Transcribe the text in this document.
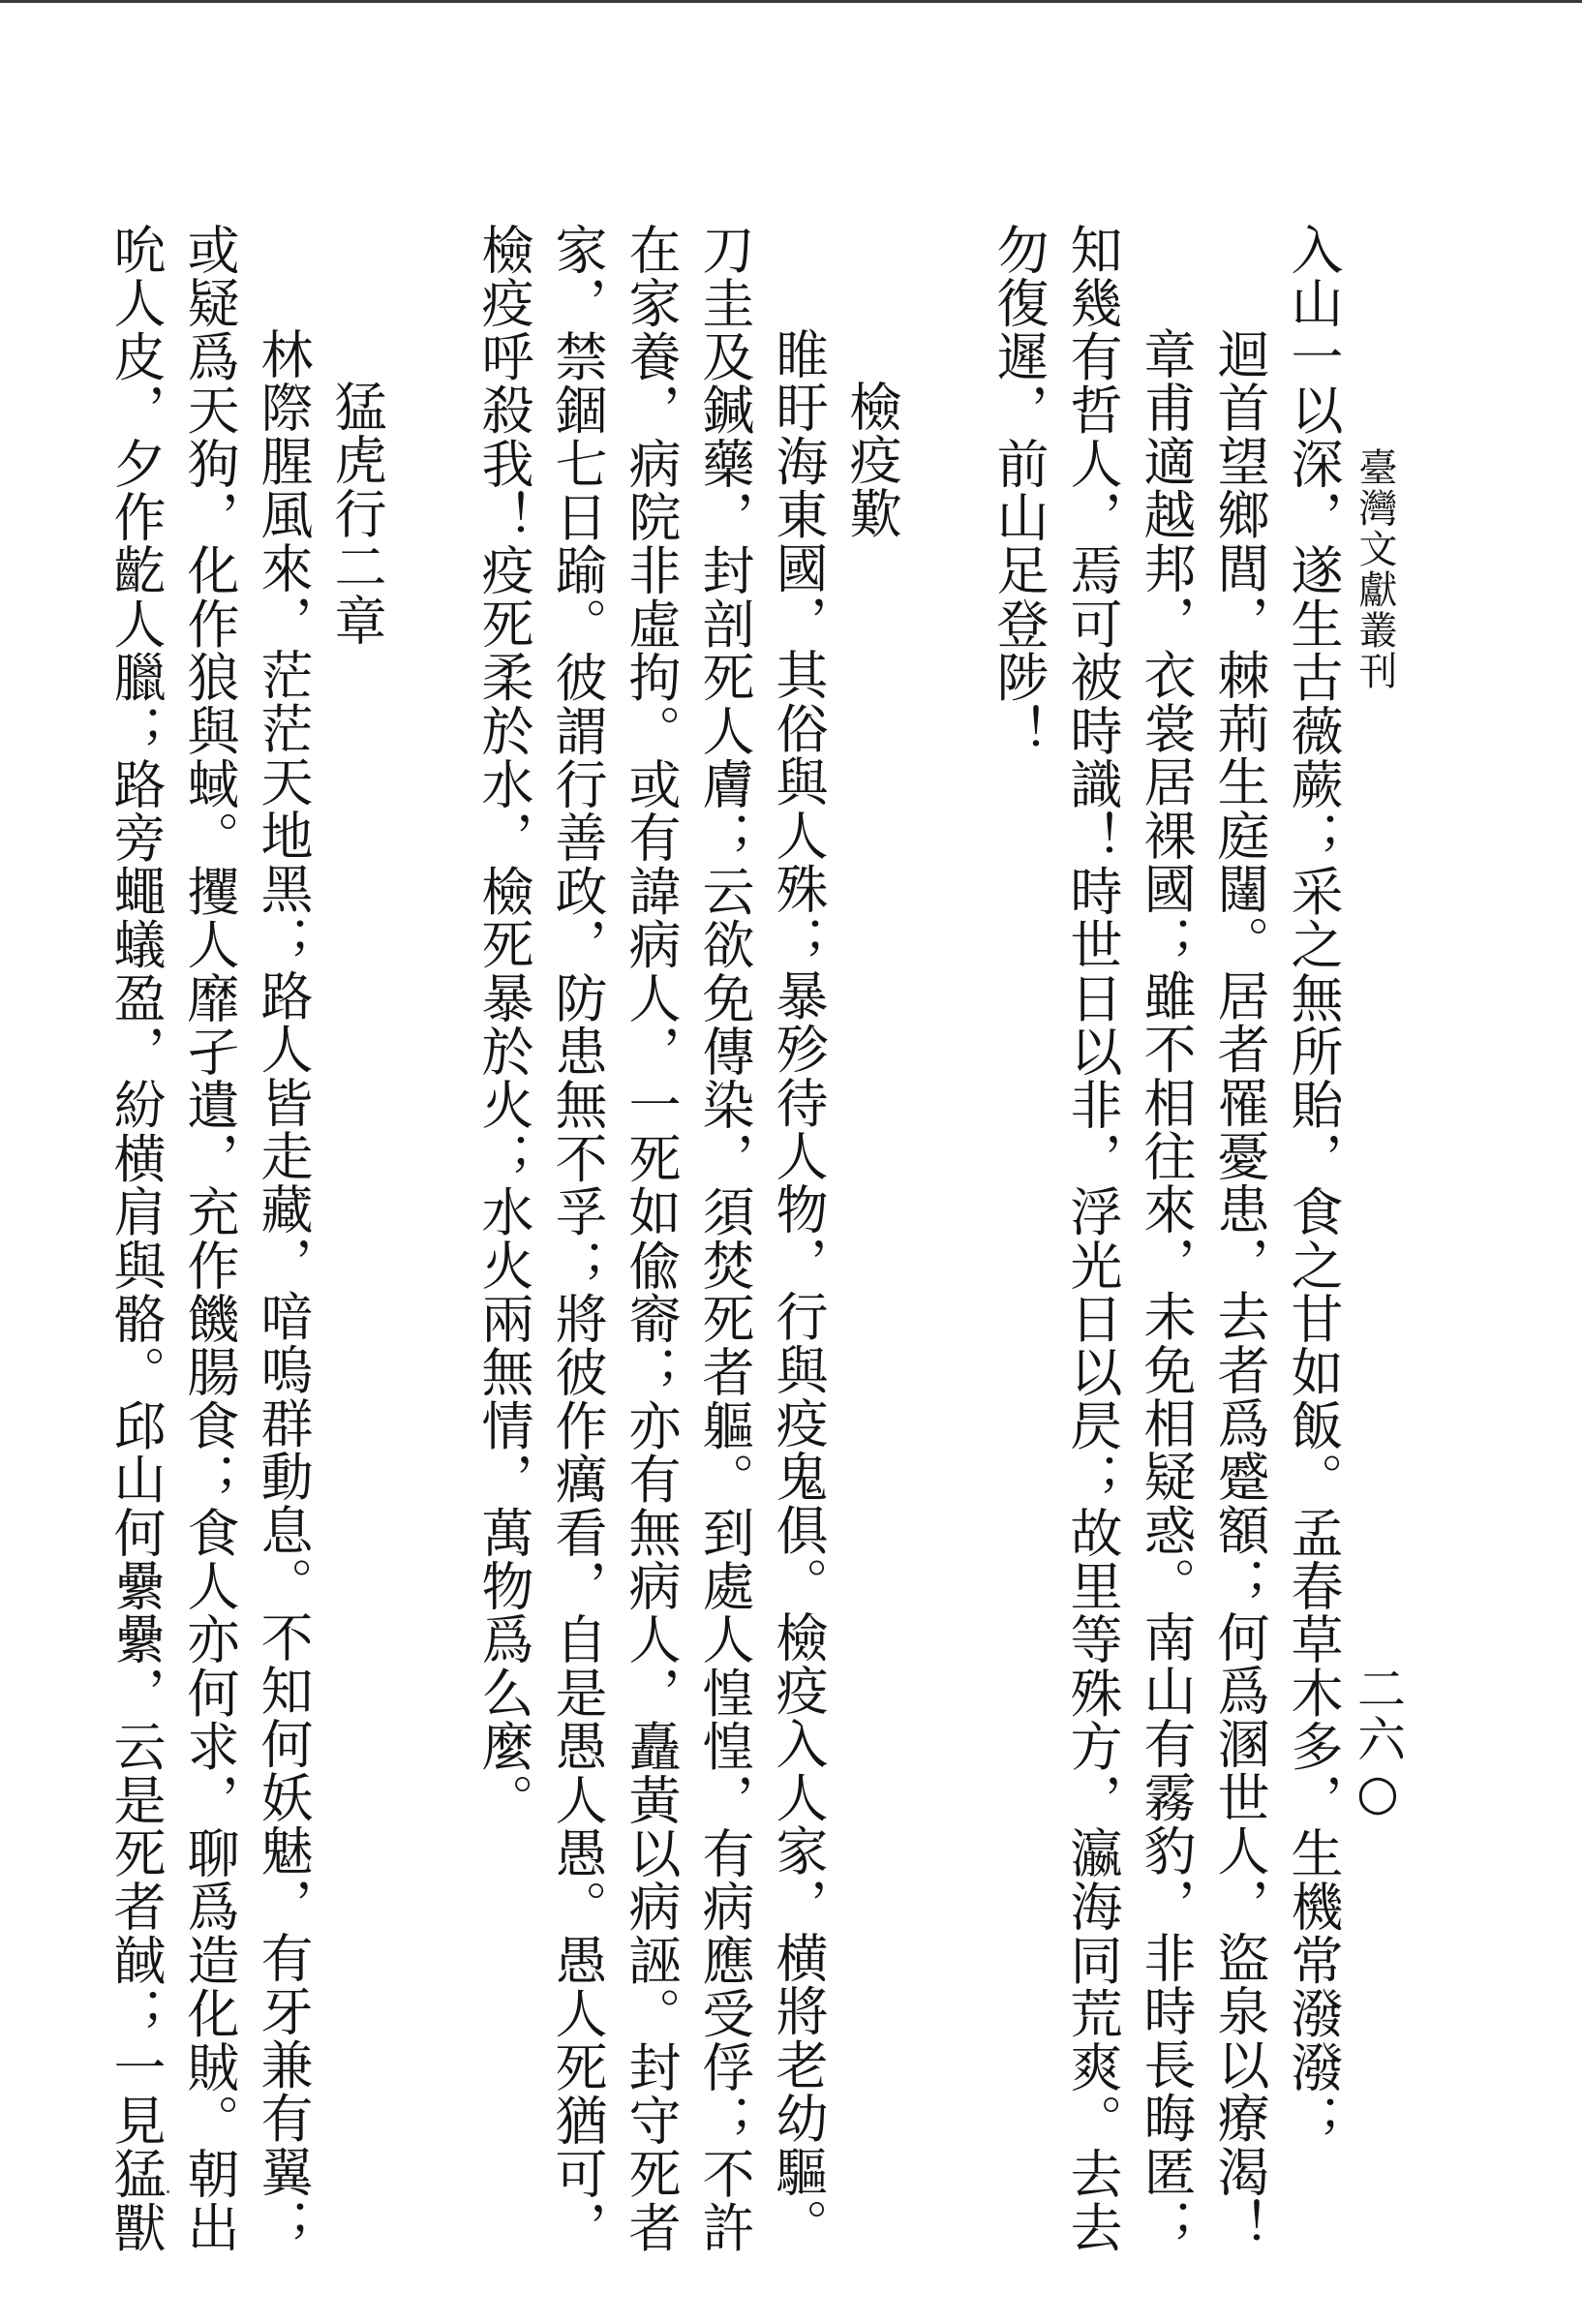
臺灣文獻叢刊
二六○
入山一以深，遂生古薇蕨；采之無所貽，食之甘如飯。孟春草木多，生機常潑潑；
迴首望鄉閭，棘荊生庭闥。居者罹憂患，去者爲蹙額；何爲溷世人，盜泉以療渴！
章甫適越邦，衣裳居裸國；雖不相往來，未免相疑惑。南山有霧豹，非時長晦匿；
知幾有哲人，焉可被時識！時世日以非，浮光日以昃；故里等殊方，瀛海同荒爽。去去
勿復遲，前山足登陟！
檢疫歎
睢盱海東國，其俗與人殊；暴殄待人物，行與疫鬼俱。檢疫入人家，横將老幼驅。
刀圭及鍼藥，封剖死人膚；云欲免傳染，須焚死者軀。到處人惶惶，有病應受俘；不許
在家養，病院非虛拘。或有諱病人，一死如偸窬；亦有無病人，矗黃以病誣。封守死者
家，禁錮七日踰。彼謂行善政，防患無不孚；將彼作癘看，自是愚人愚。愚人死猶可，
檢疫呼殺我！疫死柔於水，檢死暴於火；水火兩無情，萬物爲么麼。
猛虎行二章
林際腥風來，茫茫天地黑；路人皆走藏，喑嗚群動息。不知何妖魅，有牙兼有翼；
或疑爲天狗，化作狼與蜮。攫人靡孑遺，充作饑腸食；食人亦何求，聊爲造化賊。朝出
吮人皮，夕作齕人臘；路旁蠅蟻盈，紛横肩與骼。邱山何纍纍，云是死者馘；一見猛獸
